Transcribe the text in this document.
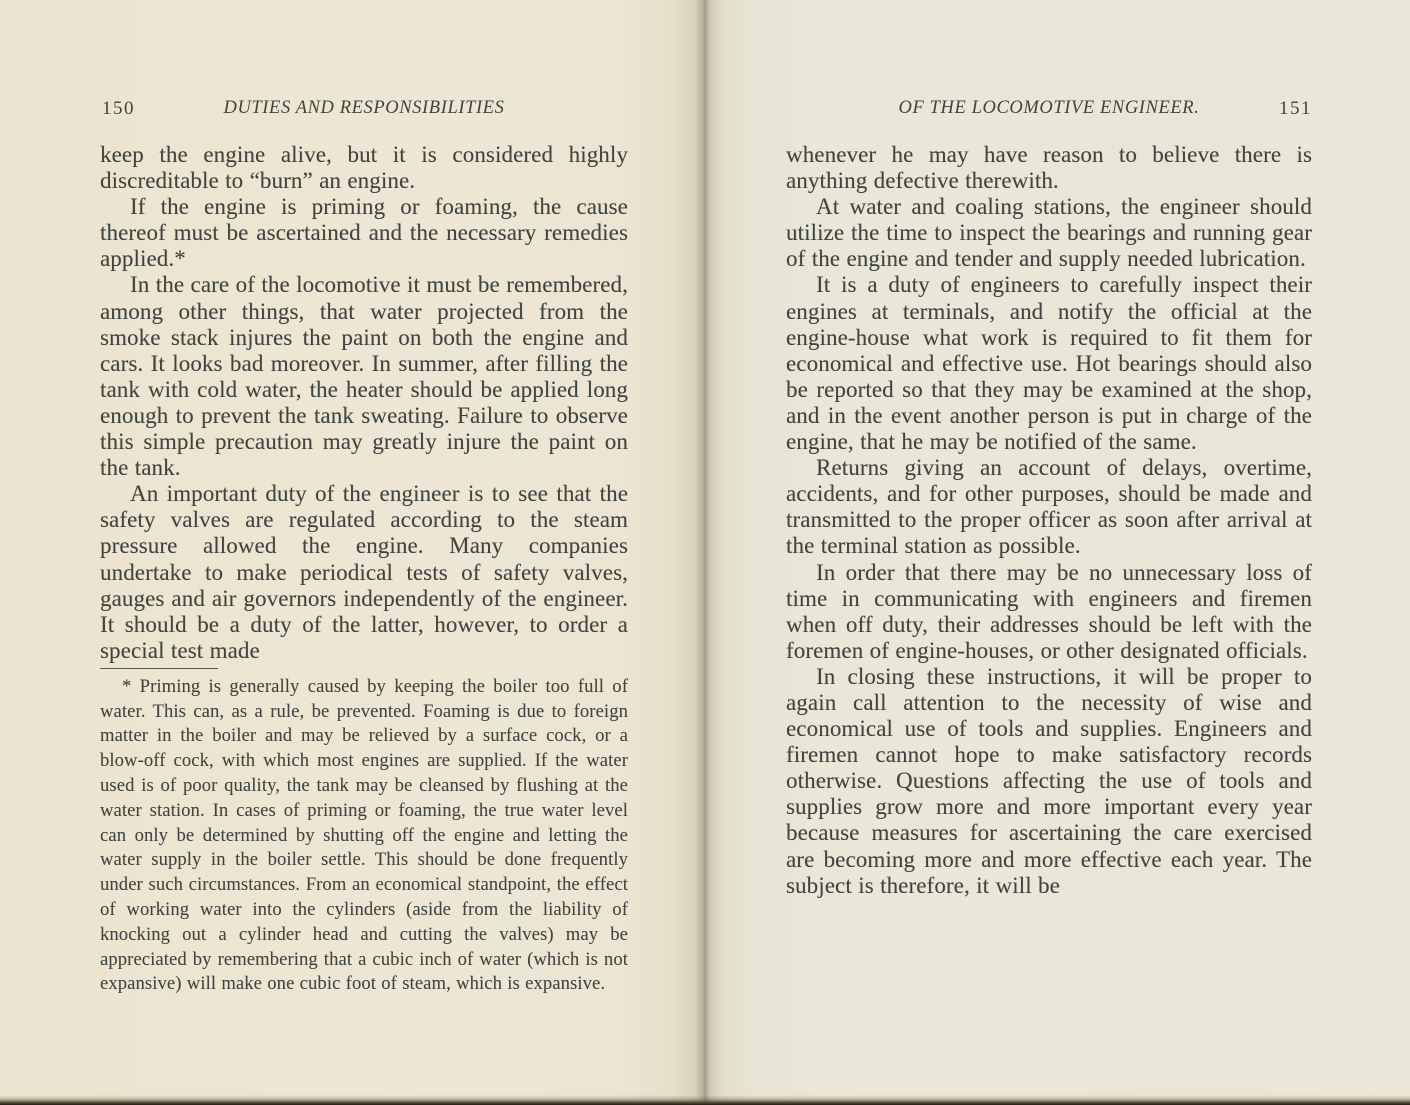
150	DUTIES AND RESPONSIBILITIES

keep the engine alive, but it is considered highly discreditable to “burn” an engine.

If the engine is priming or foaming, the cause thereof must be ascertained and the necessary remedies applied.*

In the care of the locomotive it must be remembered, among other things, that water projected from the smoke stack injures the paint on both the engine and cars. It looks bad moreover. In summer, after filling the tank with cold water, the heater should be applied long enough to prevent the tank sweating. Failure to observe this simple precaution may greatly injure the paint on the tank.

An important duty of the engineer is to see that the safety valves are regulated according to the steam pressure allowed the engine. Many companies undertake to make periodical tests of safety valves, gauges and air governors independently of the engineer. It should be a duty of the latter, however, to order a special test made

* Priming is generally caused by keeping the boiler too full of water. This can, as a rule, be prevented. Foaming is due to foreign matter in the boiler and may be relieved by a surface cock, or a blow-off cock, with which most engines are supplied. If the water used is of poor quality, the tank may be cleansed by flushing at the water station. In cases of priming or foaming, the true water level can only be determined by shutting off the engine and letting the water supply in the boiler settle. This should be done frequently under such circumstances. From an economical standpoint, the effect of working water into the cylinders (aside from the liability of knocking out a cylinder head and cutting the valves) may be appreciated by remembering that a cubic inch of water (which is not expansive) will make one cubic foot of steam, which is expansive.

OF THE LOCOMOTIVE ENGINEER.	151

whenever he may have reason to believe there is anything defective therewith.

At water and coaling stations, the engineer should utilize the time to inspect the bearings and running gear of the engine and tender and supply needed lubrication.

It is a duty of engineers to carefully inspect their engines at terminals, and notify the official at the engine-house what work is required to fit them for economical and effective use. Hot bearings should also be reported so that they may be examined at the shop, and in the event another person is put in charge of the engine, that he may be notified of the same.

Returns giving an account of delays, overtime, accidents, and for other purposes, should be made and transmitted to the proper officer as soon after arrival at the terminal station as possible.

In order that there may be no unnecessary loss of time in communicating with engineers and firemen when off duty, their addresses should be left with the foremen of engine-houses, or other designated officials.

In closing these instructions, it will be proper to again call attention to the necessity of wise and economical use of tools and supplies. Engineers and firemen cannot hope to make satisfactory records otherwise. Questions affecting the use of tools and supplies grow more and more important every year because measures for ascertaining the care exercised are becoming more and more effective each year. The subject is therefore, it will be
